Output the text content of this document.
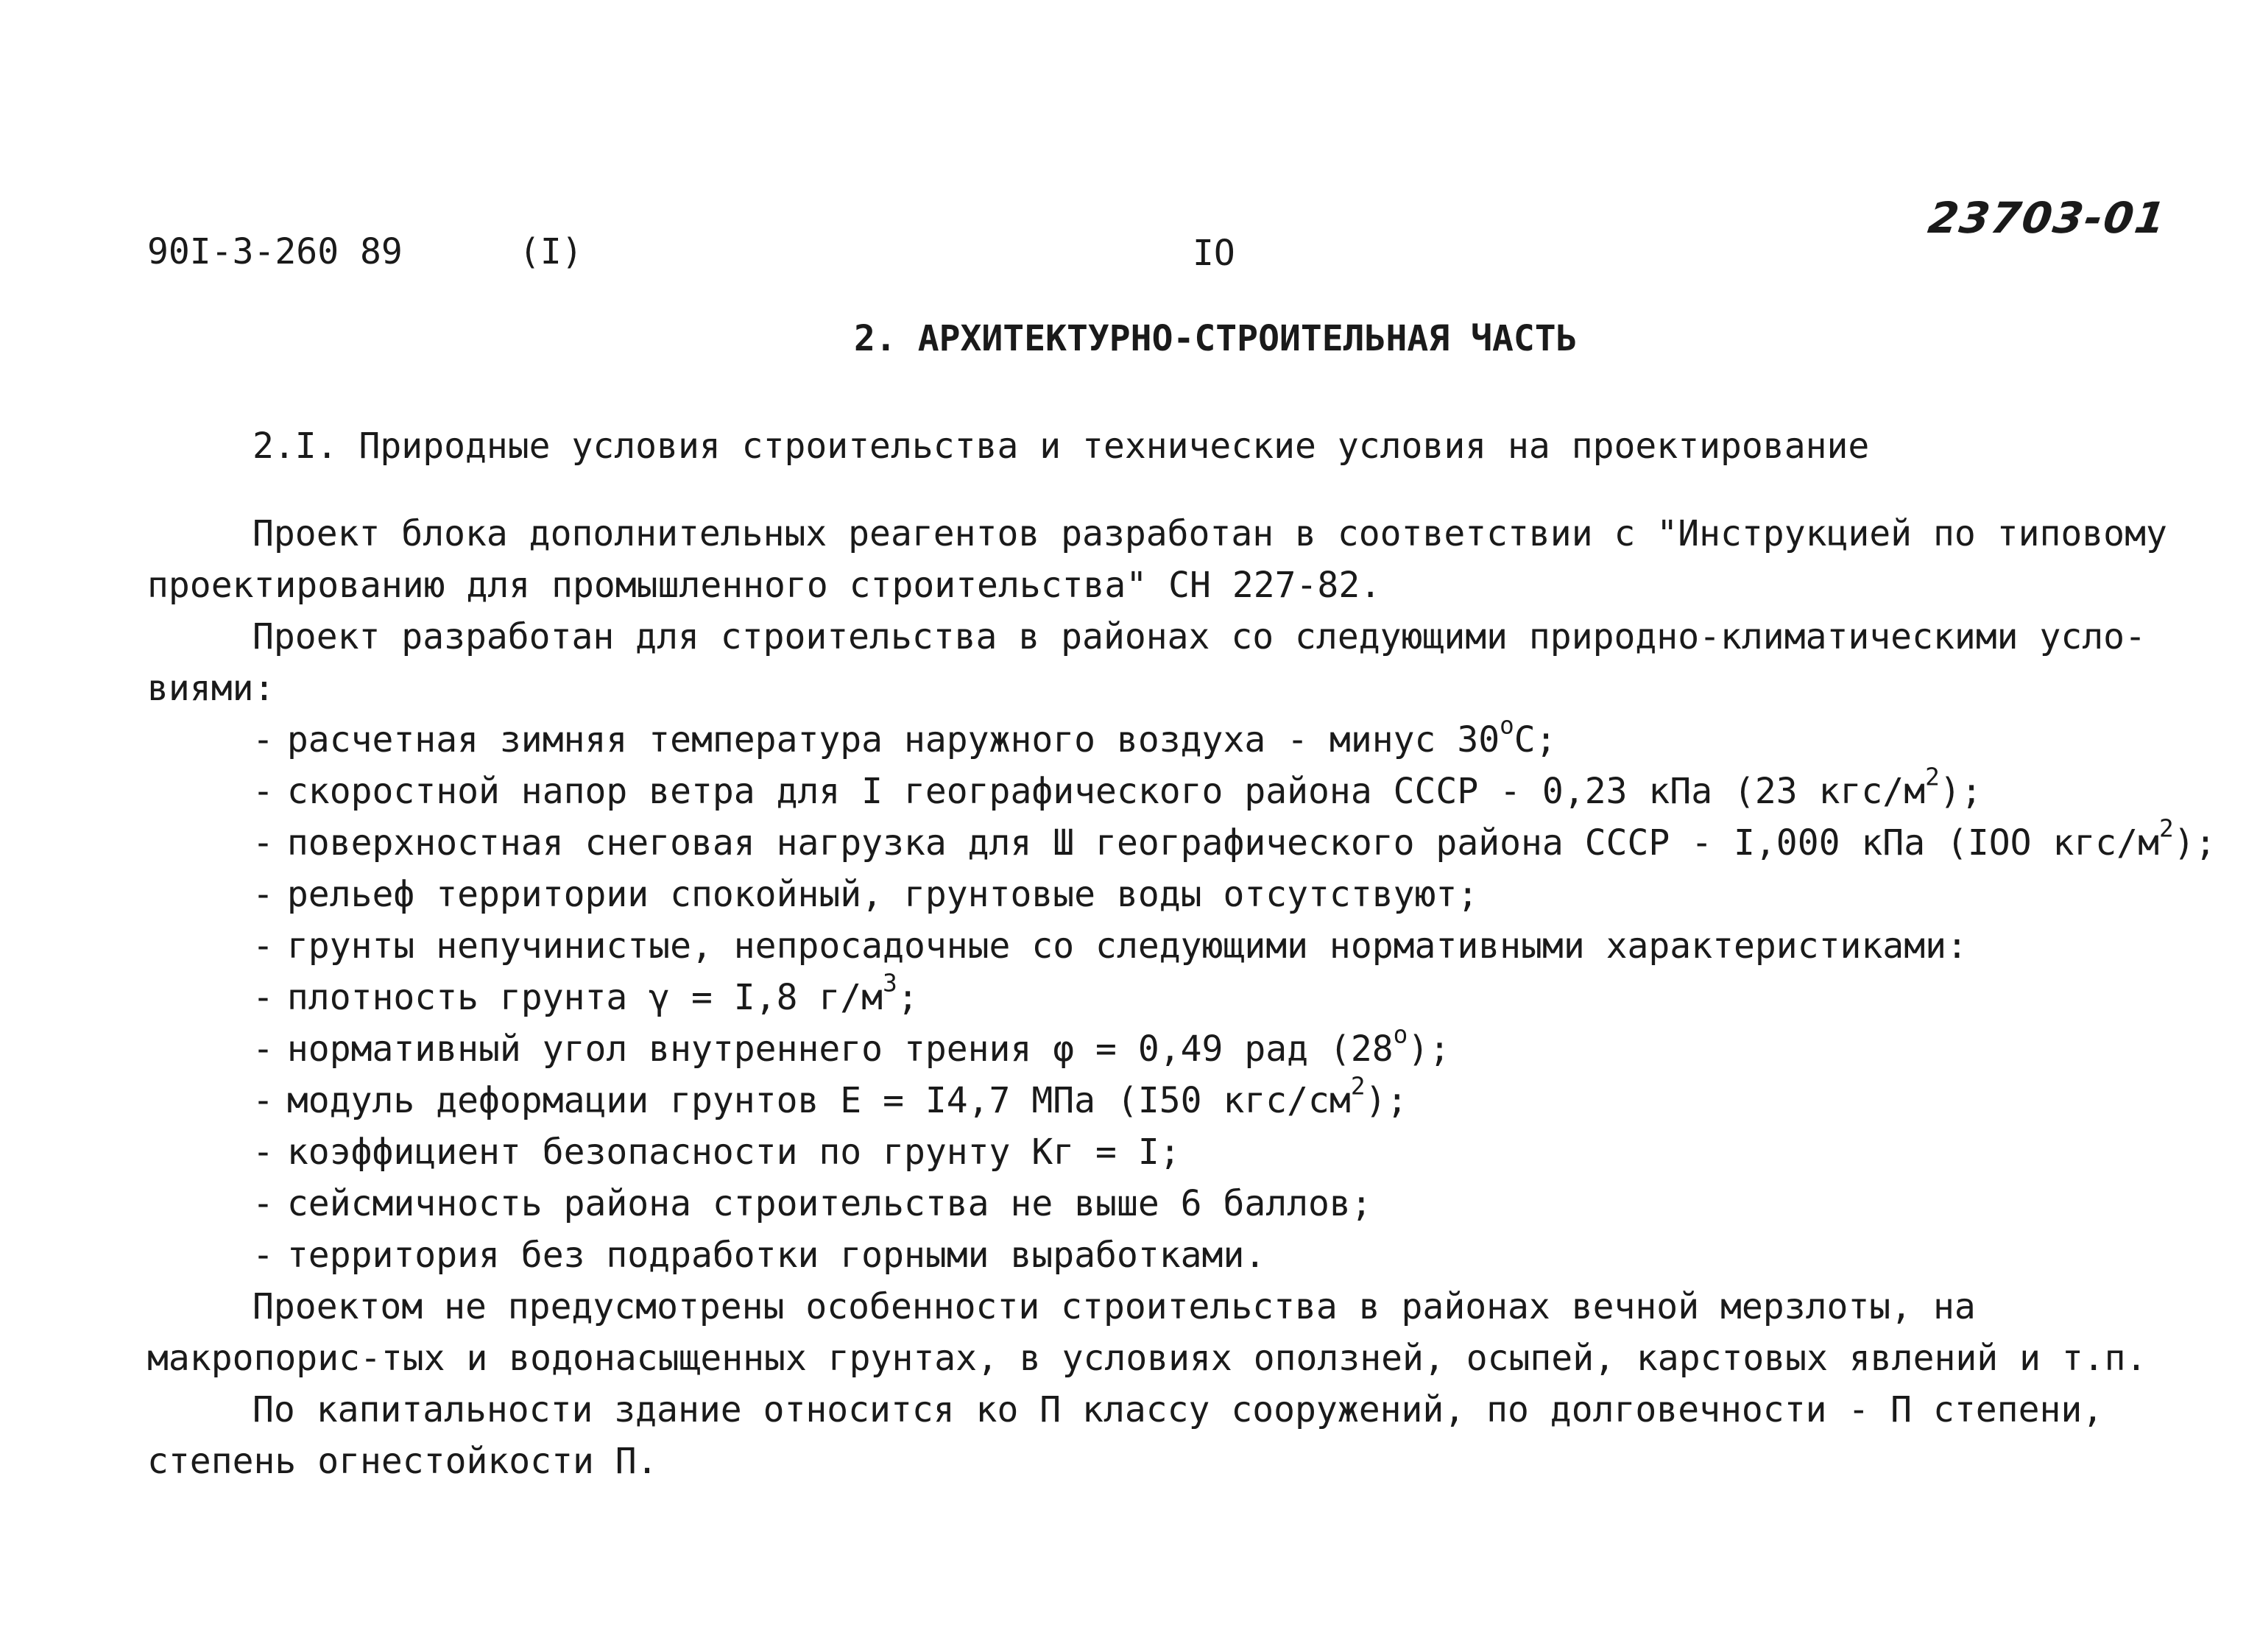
90I-3-260 89	(I)	IO
23703-01
2. АРХИТЕКТУРНО-СТРОИТЕЛЬНАЯ ЧАСТЬ
2.I. Природные условия строительства и технические условия на проектирование

Проект блока дополнительных реагентов разработан в соответствии с "Инструкцией по типовому проектированию для промышленного строительства" СН 227-82.

Проект разработан для строительства в районах со следующими природно-климатическими усло-виями:

- расчетная зимняя температура наружного воздуха - минус $30^оС$;
- скоростной напор ветра для I географического района СССР - 0,23 кПа (23 кгс/$м^2$);
- поверхностная снеговая нагрузка для Ш географического района СССР - I,000 кПа (IOO кгс/$м^2$);
- рельеф территории спокойный, грунтовые воды отсутствуют;
- грунты непучинистые, непросадочные со следующими нормативными характеристиками:
- плотность грунта γ = I,8 $г/м^3$;
- нормативный угол внутреннего трения φ = 0,49 рад $(28^о)$;
- модуль деформации грунтов Е = I4,7 МПа (I50 кгс/$см^2$);
- коэффициент безопасности по грунту Кг = I;
- сейсмичность района строительства не выше 6 баллов;
- территория без подработки горными выработками.

Проектом не предусмотрены особенности строительства в районах вечной мерзлоты, на макропорис-тых и водонасыщенных грунтах, в условиях оползней, осыпей, карстовых явлений и т.п.

По капитальности здание относится ко П классу сооружений, по долговечности - П степени, степень огнестойкости П.
